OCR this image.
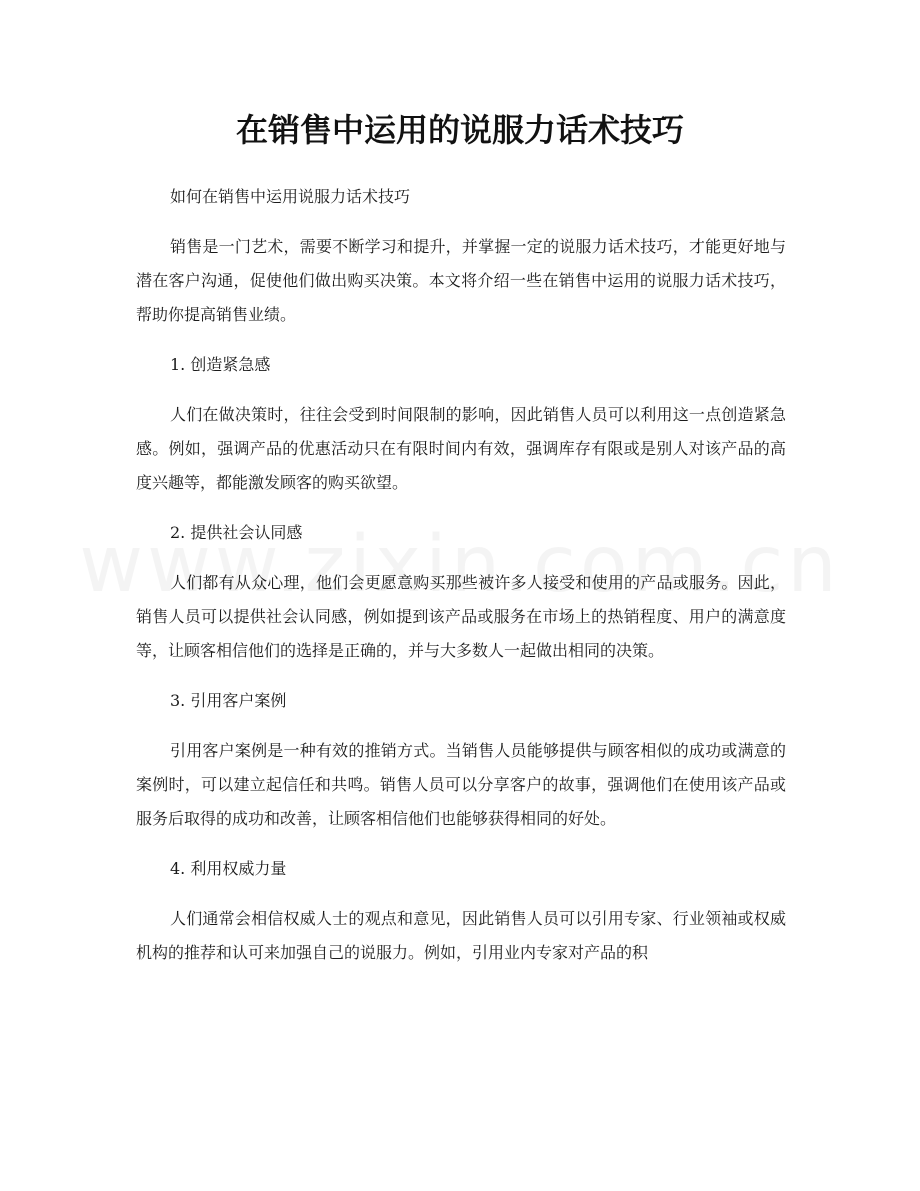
在销售中运用的说服力话术技巧

如何在销售中运用说服力话术技巧

销售是一门艺术，需要不断学习和提升，并掌握一定的说服力话术技巧，才能更好地与潜在客户沟通，促使他们做出购买决策。本文将介绍一些在销售中运用的说服力话术技巧，帮助你提高销售业绩。

1. 创造紧急感

人们在做决策时，往往会受到时间限制的影响，因此销售人员可以利用这一点创造紧急感。例如，强调产品的优惠活动只在有限时间内有效，强调库存有限或是别人对该产品的高度兴趣等，都能激发顾客的购买欲望。

2. 提供社会认同感

人们都有从众心理，他们会更愿意购买那些被许多人接受和使用的产品或服务。因此，销售人员可以提供社会认同感，例如提到该产品或服务在市场上的热销程度、用户的满意度等，让顾客相信他们的选择是正确的，并与大多数人一起做出相同的决策。

3. 引用客户案例

引用客户案例是一种有效的推销方式。当销售人员能够提供与顾客相似的成功或满意的案例时，可以建立起信任和共鸣。销售人员可以分享客户的故事，强调他们在使用该产品或服务后取得的成功和改善，让顾客相信他们也能够获得相同的好处。

4. 利用权威力量

人们通常会相信权威人士的观点和意见，因此销售人员可以引用专家、行业领袖或权威机构的推荐和认可来加强自己的说服力。例如，引用业内专家对产品的积
